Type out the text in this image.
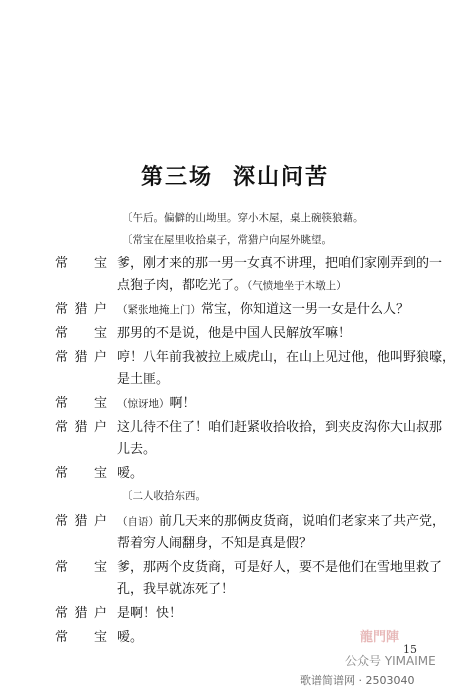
第三场 深山问苦
〔午后。偏僻的山坳里。穿小木屋，桌上碗筷狼藉。
〔常宝在屋里收拾桌子，常猎户向屋外眺望。
常宝 爹，刚才来的那一男一女真不讲理，把咱们家刚弄到的一
点狍子肉，都吃光了。（气愤地坐于木墩上）
常猎户 （紧张地掩上门）常宝，你知道这一男一女是什么人？
常宝 那男的不是说，他是中国人民解放军嘛！
常猎户 哼！八年前我被拉上威虎山，在山上见过他，他叫野狼嚎，
是土匪。
常宝 （惊讶地）啊！
常猎户 这儿待不住了！咱们赶紧收拾收拾，到夹皮沟你大山叔那
儿去。
常宝 嗳。
〔二人收拾东西。
常猎户 （自语）前几天来的那俩皮货商，说咱们老家来了共产党，
帮着穷人闹翻身，不知是真是假？
常宝 爹，那两个皮货商，可是好人，要不是他们在雪地里救了
孔，我早就冻死了！
常猎户 是啊！快！
常宝 嗳。	龍門陣
15
公众号 YIMAIME
歌谱简谱网 · 2503040
